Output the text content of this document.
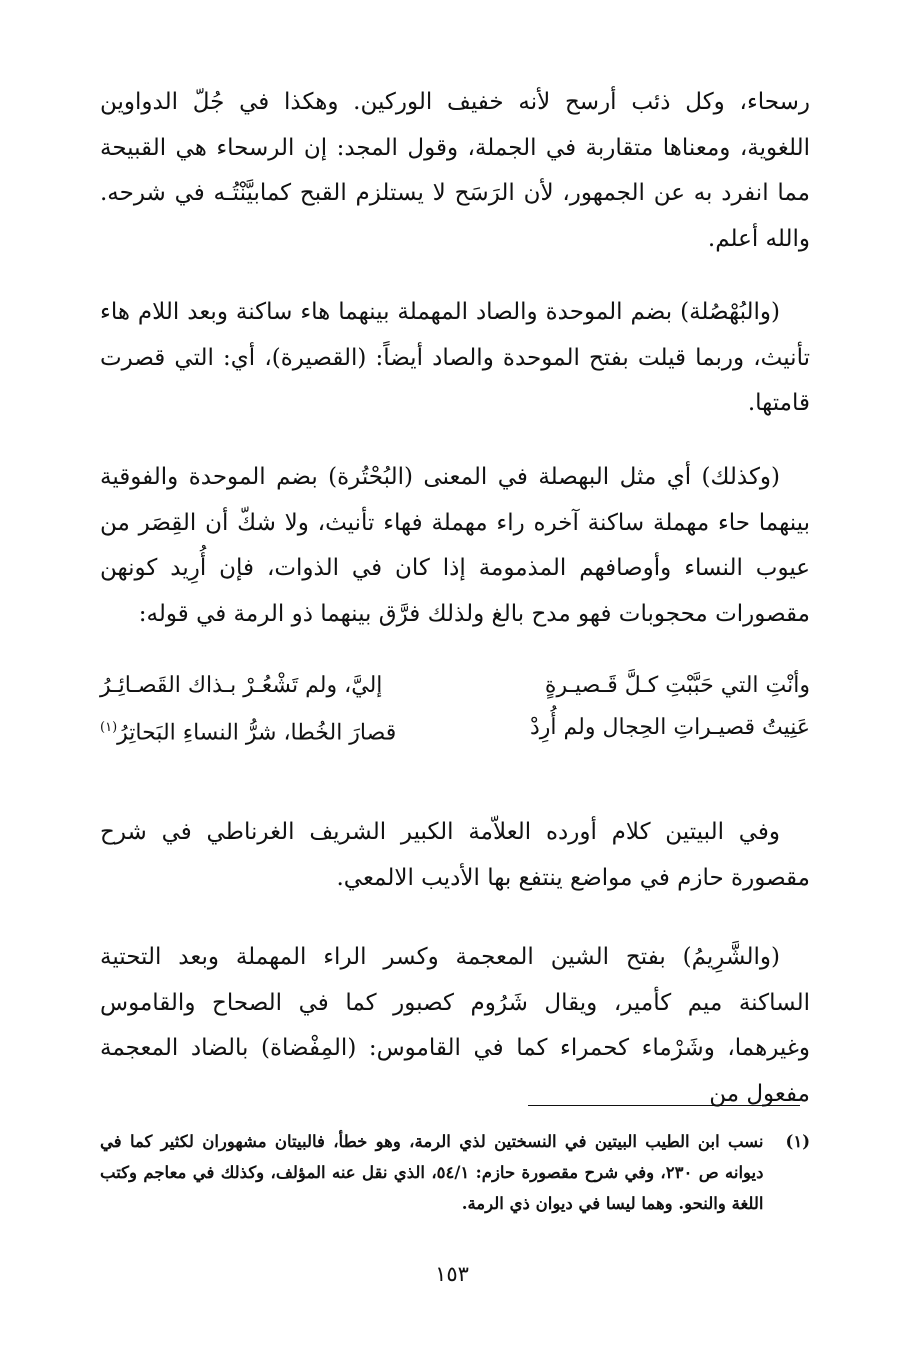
رسحاء، وكل ذئب أرسح لأنه خفيف الوركين. وهكذا في جُلّ الدواوين اللغوية، ومعناها متقاربة في الجملة، وقول المجد: إن الرسحاء هي القبيحة مما انفرد به عن الجمهور، لأن الرَسَح لا يستلزم القبح كمابيَّنْتُـه في شرحه. والله أعلم.

(والبُهْصُلة) بضم الموحدة والصاد المهملة بينهما هاء ساكنة وبعد اللام هاء تأنيث، وربما قيلت بفتح الموحدة والصاد أيضاً: (القصيرة)، أي: التي قصرت قامتها.

(وكذلك) أي مثل البهصلة في المعنى (البُحْتُرة) بضم الموحدة والفوقية بينهما حاء مهملة ساكنة آخره راء مهملة فهاء تأنيث، ولا شكّ أن القِصَر من عيوب النساء وأوصافهم المذمومة إذا كان في الذوات، فإن أُرِيد كونهن مقصورات محجوبات فهو مدح بالغ ولذلك فرَّق بينهما ذو الرمة في قوله:

وأنْتِ التي حَبَّبْتِ كـلَّ قَـصيـرةٍ
إليَّ، ولم تَشْعُـرْ بـذاك القَصـائِـرُ
عَنِيتُ قصيـراتِ الحِجال ولم أُرِدْ
قصارَ الخُطا، شرُّ النساءِ البَحاتِرُ$^{(١)}$

وفي البيتين كلام أورده العلاّمة الكبير الشريف الغرناطي في شرح مقصورة حازم في مواضع ينتفع بها الأديب الالمعي.

(والشَّرِيمُ) بفتح الشين المعجمة وكسر الراء المهملة وبعد التحتية الساكنة ميم كأمير، ويقال شَرُوم كصبور كما في الصحاح والقاموس وغيرهما، وشَرْماء كحمراء كما في القاموس: (المِفْضاة) بالضاد المعجمة مفعول من

(١)
نسب ابن الطيب البيتين في النسختين لذي الرمة، وهو خطأ، فالبيتان مشهوران لكثير كما في ديوانه ص ٢٣٠، وفي شرح مقصورة حازم: ٥٤/١، الذي نقل عنه المؤلف، وكذلك في معاجم وكتب اللغة والنحو. وهما ليسا في ديوان ذي الرمة.
١٥٣
